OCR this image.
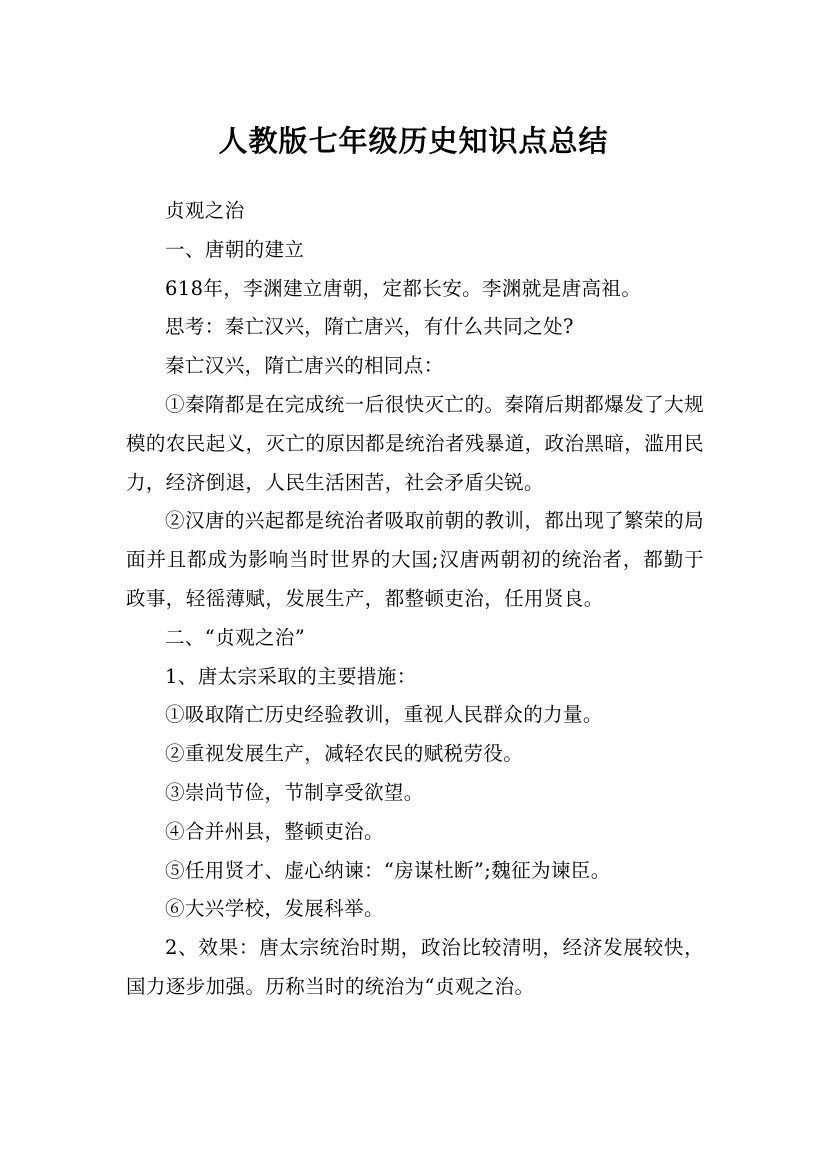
人教版七年级历史知识点总结

贞观之治

一、唐朝的建立

618年，李渊建立唐朝，定都长安。李渊就是唐高祖。

思考：秦亡汉兴，隋亡唐兴，有什么共同之处?

秦亡汉兴，隋亡唐兴的相同点：

①秦隋都是在完成统一后很快灭亡的。秦隋后期都爆发了大规模的农民起义，灭亡的原因都是统治者残暴道，政治黑暗，滥用民力，经济倒退，人民生活困苦，社会矛盾尖锐。

②汉唐的兴起都是统治者吸取前朝的教训，都出现了繁荣的局面并且都成为影响当时世界的大国;汉唐两朝初的统治者，都勤于政事，轻徭薄赋，发展生产，都整顿吏治，任用贤良。

二、“贞观之治”

1、唐太宗采取的主要措施：

①吸取隋亡历史经验教训，重视人民群众的力量。

②重视发展生产，减轻农民的赋税劳役。

③崇尚节俭，节制享受欲望。

④合并州县，整顿吏治。

⑤任用贤才、虚心纳谏：“房谋杜断”;魏征为谏臣。

⑥大兴学校，发展科举。

2、效果：唐太宗统治时期，政治比较清明，经济发展较快，国力逐步加强。历称当时的统治为“贞观之治。
